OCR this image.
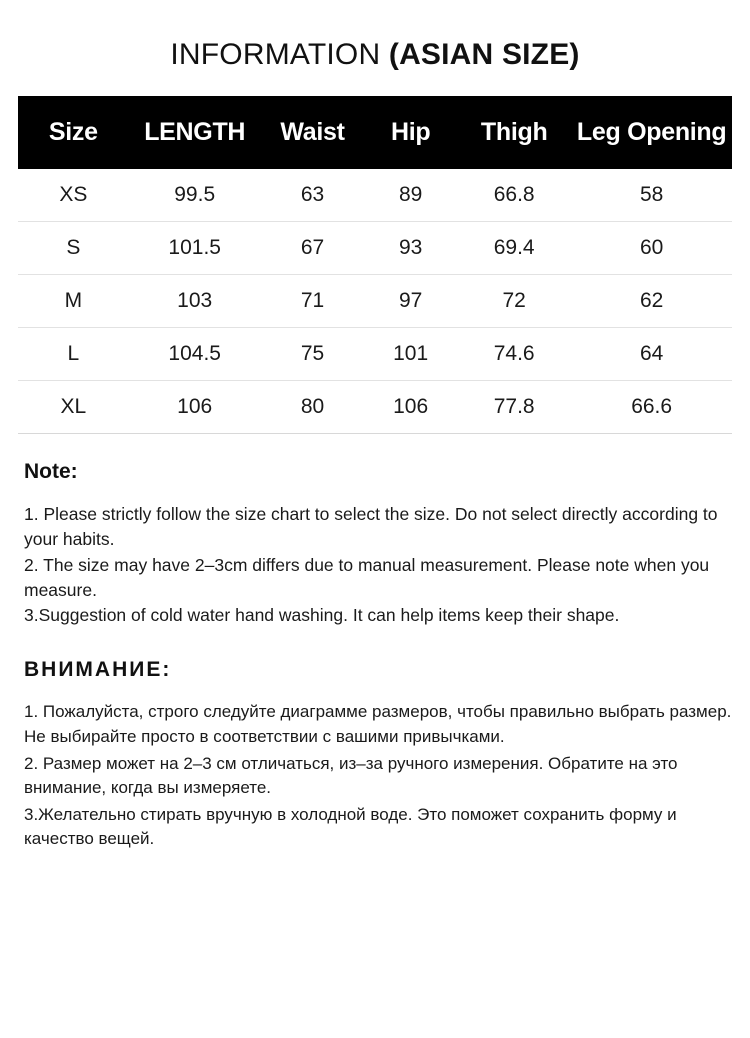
INFORMATION (ASIAN SIZE)
Size	LENGTH	Waist	Hip	Thigh	Leg Opening
XS	99.5	63	89	66.8	58
S	101.5	67	93	69.4	60
M	103	71	97	72	62
L	104.5	75	101	74.6	64
XL	106	80	106	77.8	66.6
Note:

1. Please strictly follow the size chart to select the size. Do not select directly according to your habits.

2. The size may have 2–3cm differs due to manual measurement. Please note when you measure.

3.Suggestion of cold water hand washing. It can help items keep their shape.

ВНИМАНИЕ:

1. Пожалуйста, строго следуйте диаграмме размеров, чтобы правильно выбрать размер. Не выбирайте просто в соответствии с вашими привычками.

2. Размер может на 2–3 см отличаться, из–за ручного измерения. Обратите на это внимание, когда вы измеряете.

3.Желательно стирать вручную в холодной воде. Это поможет сохранить форму и качество вещей.
